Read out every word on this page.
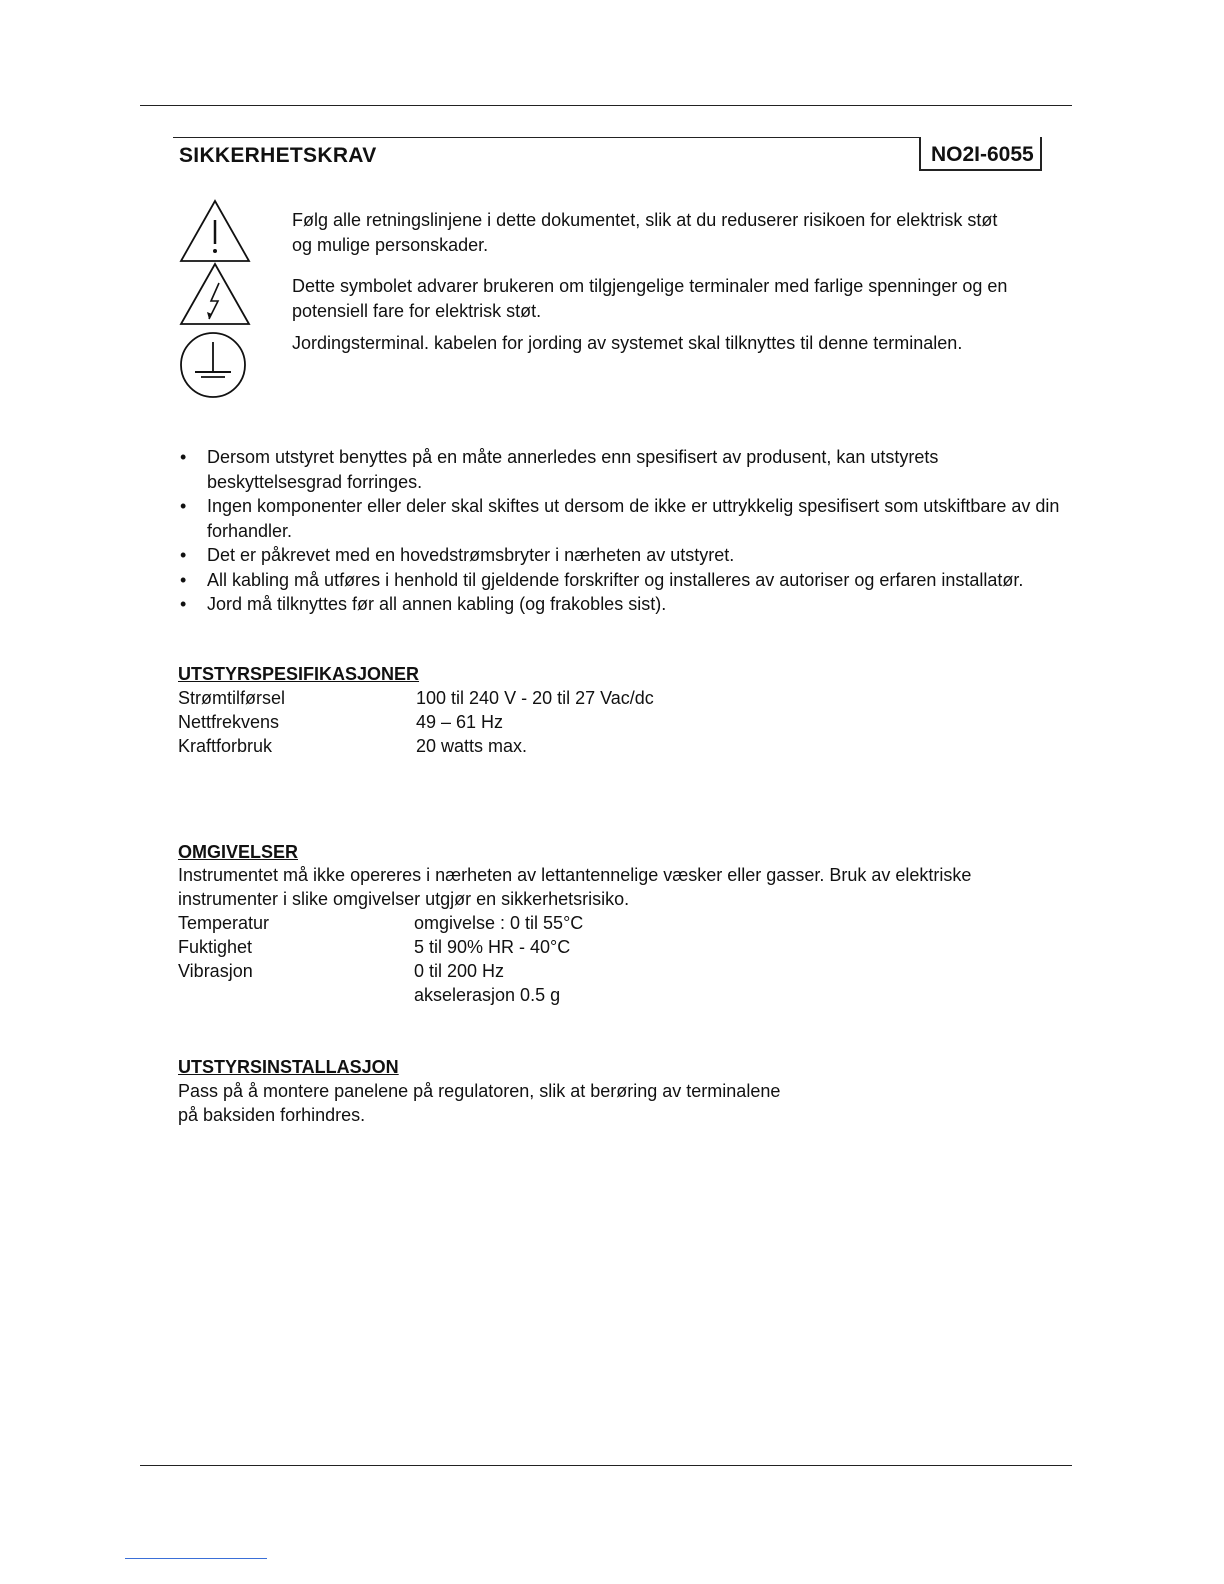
SIKKERHETSKRAV	NO2I-6055
Følg alle retningslinjene i dette dokumentet, slik at du reduserer risikoen for elektrisk støt og mulige personskader.
Dette symbolet advarer brukeren om tilgjengelige terminaler med farlige spenninger og en potensiell fare for elektrisk støt.
Jordingsterminal. kabelen for jording av systemet skal tilknyttes til denne terminalen.
• Dersom utstyret benyttes på en måte annerledes enn spesifisert av produsent, kan utstyrets beskyttelsesgrad forringes.
• Ingen komponenter eller deler skal skiftes ut dersom de ikke er uttrykkelig spesifisert som utskiftbare av din forhandler.
• Det er påkrevet med en hovedstrømsbryter i nærheten av utstyret.
• All kabling må utføres i henhold til gjeldende forskrifter og installeres av autoriser og erfaren installatør.
• Jord må tilknyttes før all annen kabling (og frakobles sist).
UTSTYRSPESIFIKASJONER
Strømtilførsel	100 til 240 V - 20 til 27 Vac/dc
Nettfrekvens	49 – 61 Hz
Kraftforbruk	20 watts max.
OMGIVELSER
Instrumentet må ikke opereres i nærheten av lettantennelige væsker eller gasser. Bruk av elektriske instrumenter i slike omgivelser utgjør en sikkerhetsrisiko.
Temperatur	omgivelse : 0 til 55°C
Fuktighet	5 til 90% HR - 40°C
Vibrasjon	0 til 200 Hz
akselerasjon 0.5 g
UTSTYRSINSTALLASJON
Pass på å montere panelene på regulatoren, slik at berøring av terminalene
på baksiden forhindres.
